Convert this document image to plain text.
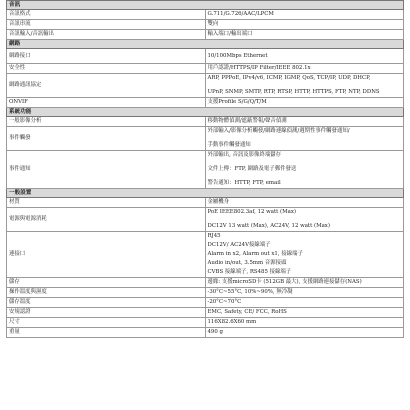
音訊	
音訊格式	G.711/G.726/AAC/LPCM
音訊串流	雙向
音訊輸入/音訊輸出	輸入端口/輸出端口
網路	
網路接口	10/100Mbps Ethernet
安全性	用戶認證/HTTPS/IP Filter/IEEE 802.1x
網路通訊協定	ARP, PPPoE, IPv4/v6, ICMP, IGMP, QoS, TCP/IP, UDP, DHCP,
UPnP, SNMP, SMTP, RTP, RTSP, HTTP, HTTPS, FTP, NTP, DDNS

ONVIF	支援Profile S/G/Q/T/M
系統功能	
一般影像分析	移動物體偵測/遮蔽警報/聲音偵測
事件觸發	外部輸入/影像分析觸發/網路連線偵測/週期性事件觸發通知/
手動事件觸發通知

事件通知	外部輸出, 音訊及影像終端儲存
文件上傳：FTP, 網路及電子郵件發送
警告通知：HTTP, FTP, email

一般設置	
材質	金屬機身
電源與電源消耗	PoE IEEE802.3af, 12 watt (Max)
DC12V 13 watt (Max), AC24V, 12 watt (Max)

連接口	RJ45
DC12V/ AC24V接線端子
Alarm in x2, Alarm out x1, 接線端子
Audio in/out, 3.5mm 音源接頭
CVBS 接線端子, RS485 接線端子

儲存	邊緣: 支援microSD卡 (512GB 最大), 支援網路連接儲存(NAS)
操作溫度與濕度	-30°C~55°C, 10%~90%, 無冷凝
儲存溫度	-20°C~70°C
安規認證	EMC, Safety, CE/ FCC, RoHS
尺寸	116X82.6X60 mm
重量	490 g
